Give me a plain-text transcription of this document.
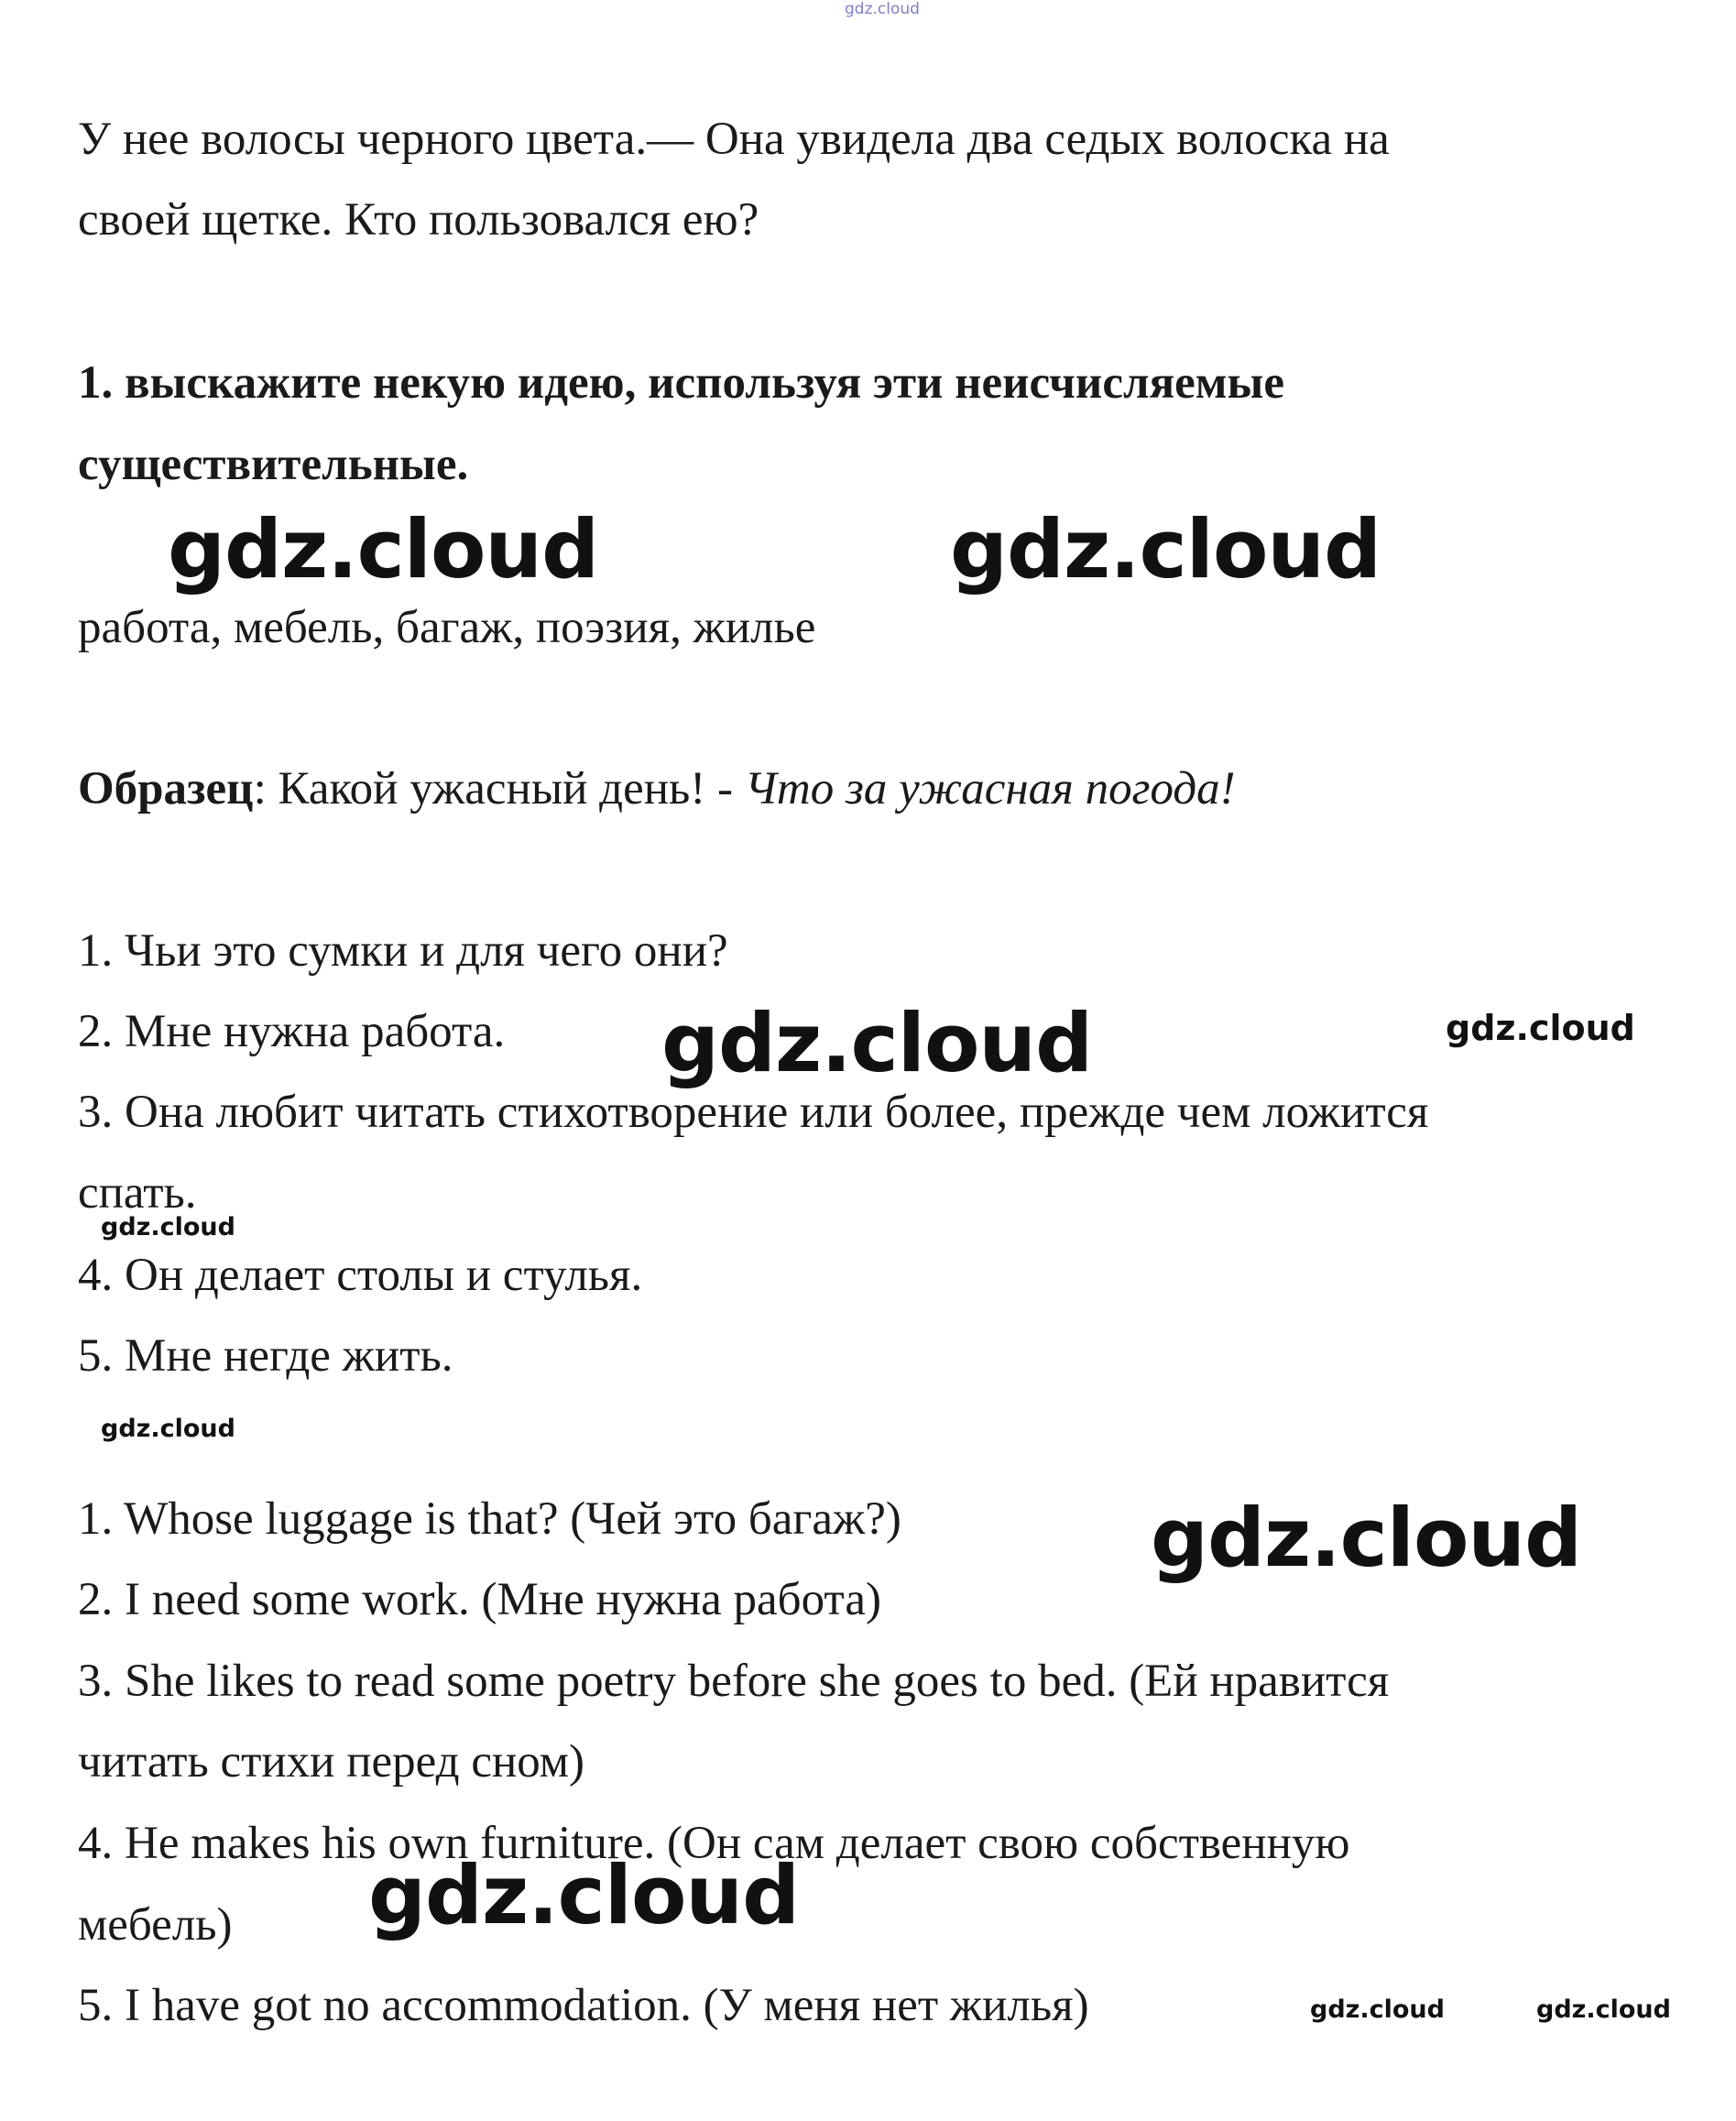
gdz.cloud
У нее волосы черного цвета.— Она увидела два седых волоска на
своей щетке. Кто пользовался ею?
1. выскажите некую идею, используя эти неисчисляемые
существительные.
gdz.cloud	gdz.cloud
работа, мебель, багаж, поэзия, жилье
Образец: Какой ужасный день! - Что за ужасная погода!
1. Чьи это сумки и для чего они?
2. Мне нужна работа. gdz.cloud	gdz.cloud
3. Она любит читать стихотворение или более, прежде чем ложится
спать.
gdz.cloud
4. Он делает столы и стулья.
5. Мне негде жить.
gdz.cloud
1. Whose luggage is that? (Чей это багаж?)	gdz.cloud
2. I need some work. (Мне нужна работа)
3. She likes to read some poetry before she goes to bed. (Ей нравится
читать стихи перед сном)
4. He makes his own furniture. (Он сам делает свою собственную
мебель) gdz.cloud
5. I have got no accommodation. (У меня нет жилья)	gdz.cloud	gdz.cloud
